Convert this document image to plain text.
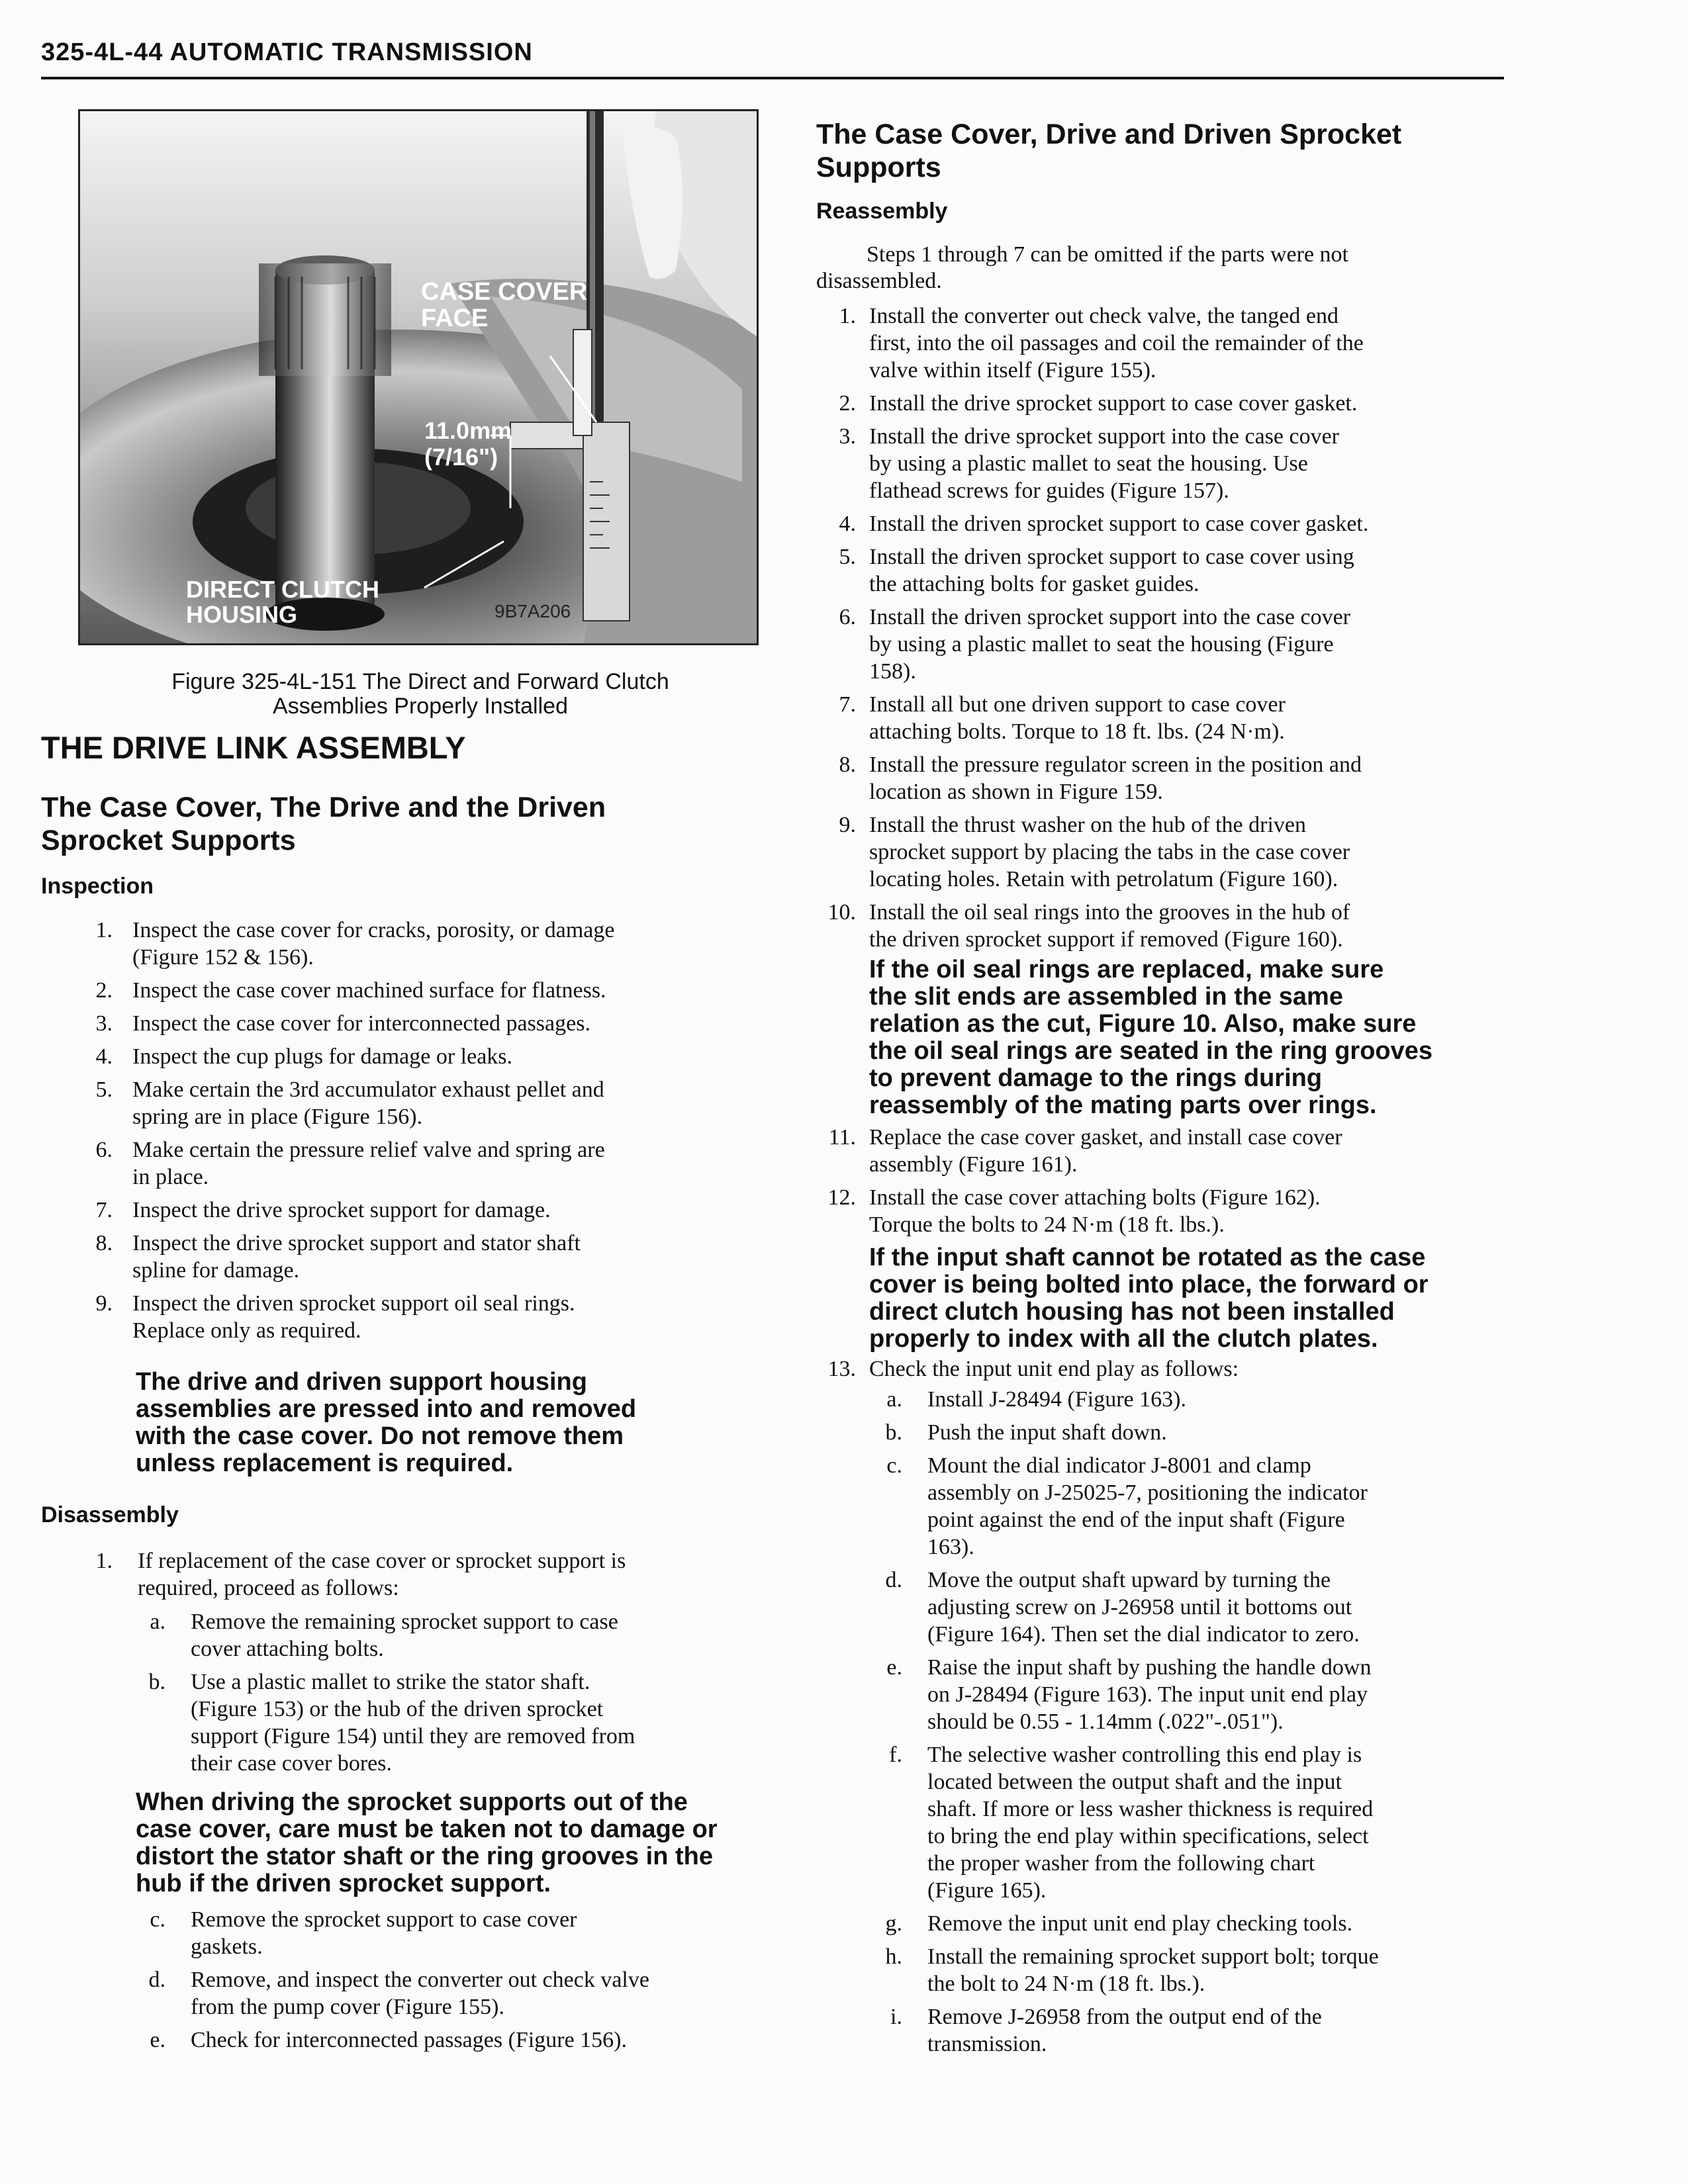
325-4L-44 AUTOMATIC TRANSMISSION
CASE COVER
FACE
11.0mm
(7/16")
DIRECT CLUTCH
HOUSING	9B7A206
Figure 325-4L-151 The Direct and Forward Clutch
Assemblies Properly Installed
THE DRIVE LINK ASSEMBLY
The Case Cover, The Drive and the Driven
Sprocket Supports
Inspection
1. Inspect the case cover for cracks, porosity, or damage
(Figure 152 & 156).
2. Inspect the case cover machined surface for flatness.
3. Inspect the case cover for interconnected passages.
4. Inspect the cup plugs for damage or leaks.
5. Make certain the 3rd accumulator exhaust pellet and
spring are in place (Figure 156).
6. Make certain the pressure relief valve and spring are
in place.
7. Inspect the drive sprocket support for damage.
8. Inspect the drive sprocket support and stator shaft
spline for damage.
9. Inspect the driven sprocket support oil seal rings.
Replace only as required.
The drive and driven support housing
assemblies are pressed into and removed
with the case cover. Do not remove them
unless replacement is required.
Disassembly
1. If replacement of the case cover or sprocket support is
required, proceed as follows:
a. Remove the remaining sprocket support to case
cover attaching bolts.
b. Use a plastic mallet to strike the stator shaft.
(Figure 153) or the hub of the driven sprocket
support (Figure 154) until they are removed from
their case cover bores.
When driving the sprocket supports out of the
case cover, care must be taken not to damage or
distort the stator shaft or the ring grooves in the
hub if the driven sprocket support.
c. Remove the sprocket support to case cover
gaskets.
d. Remove, and inspect the converter out check valve
from the pump cover (Figure 155).
e. Check for interconnected passages (Figure 156).
The Case Cover, Drive and Driven Sprocket
Supports
Reassembly
Steps 1 through 7 can be omitted if the parts were not
disassembled.
1. Install the converter out check valve, the tanged end
first, into the oil passages and coil the remainder of the
valve within itself (Figure 155).
2. Install the drive sprocket support to case cover gasket.
3. Install the drive sprocket support into the case cover
by using a plastic mallet to seat the housing. Use
flathead screws for guides (Figure 157).
4. Install the driven sprocket support to case cover gasket.
5. Install the driven sprocket support to case cover using
the attaching bolts for gasket guides.
6. Install the driven sprocket support into the case cover
by using a plastic mallet to seat the housing (Figure
158).
7. Install all but one driven support to case cover
attaching bolts. Torque to 18 ft. lbs. (24 N·m).
8. Install the pressure regulator screen in the position and
location as shown in Figure 159.
9. Install the thrust washer on the hub of the driven
sprocket support by placing the tabs in the case cover
locating holes. Retain with petrolatum (Figure 160).
10. Install the oil seal rings into the grooves in the hub of
the driven sprocket support if removed (Figure 160).
If the oil seal rings are replaced, make sure
the slit ends are assembled in the same
relation as the cut, Figure 10. Also, make sure
the oil seal rings are seated in the ring grooves
to prevent damage to the rings during
reassembly of the mating parts over rings.
11. Replace the case cover gasket, and install case cover
assembly (Figure 161).
12. Install the case cover attaching bolts (Figure 162).
Torque the bolts to 24 N·m (18 ft. lbs.).
If the input shaft cannot be rotated as the case
cover is being bolted into place, the forward or
direct clutch housing has not been installed
properly to index with all the clutch plates.
13. Check the input unit end play as follows:
a. Install J-28494 (Figure 163).
b. Push the input shaft down.
c. Mount the dial indicator J-8001 and clamp
assembly on J-25025-7, positioning the indicator
point against the end of the input shaft (Figure
163).
d. Move the output shaft upward by turning the
adjusting screw on J-26958 until it bottoms out
(Figure 164). Then set the dial indicator to zero.
e. Raise the input shaft by pushing the handle down
on J-28494 (Figure 163). The input unit end play
should be 0.55 - 1.14mm (.022"-.051").
f. The selective washer controlling this end play is
located between the output shaft and the input
shaft. If more or less washer thickness is required
to bring the end play within specifications, select
the proper washer from the following chart
(Figure 165).
g. Remove the input unit end play checking tools.
h. Install the remaining sprocket support bolt; torque
the bolt to 24 N·m (18 ft. lbs.).
i. Remove J-26958 from the output end of the
transmission.
